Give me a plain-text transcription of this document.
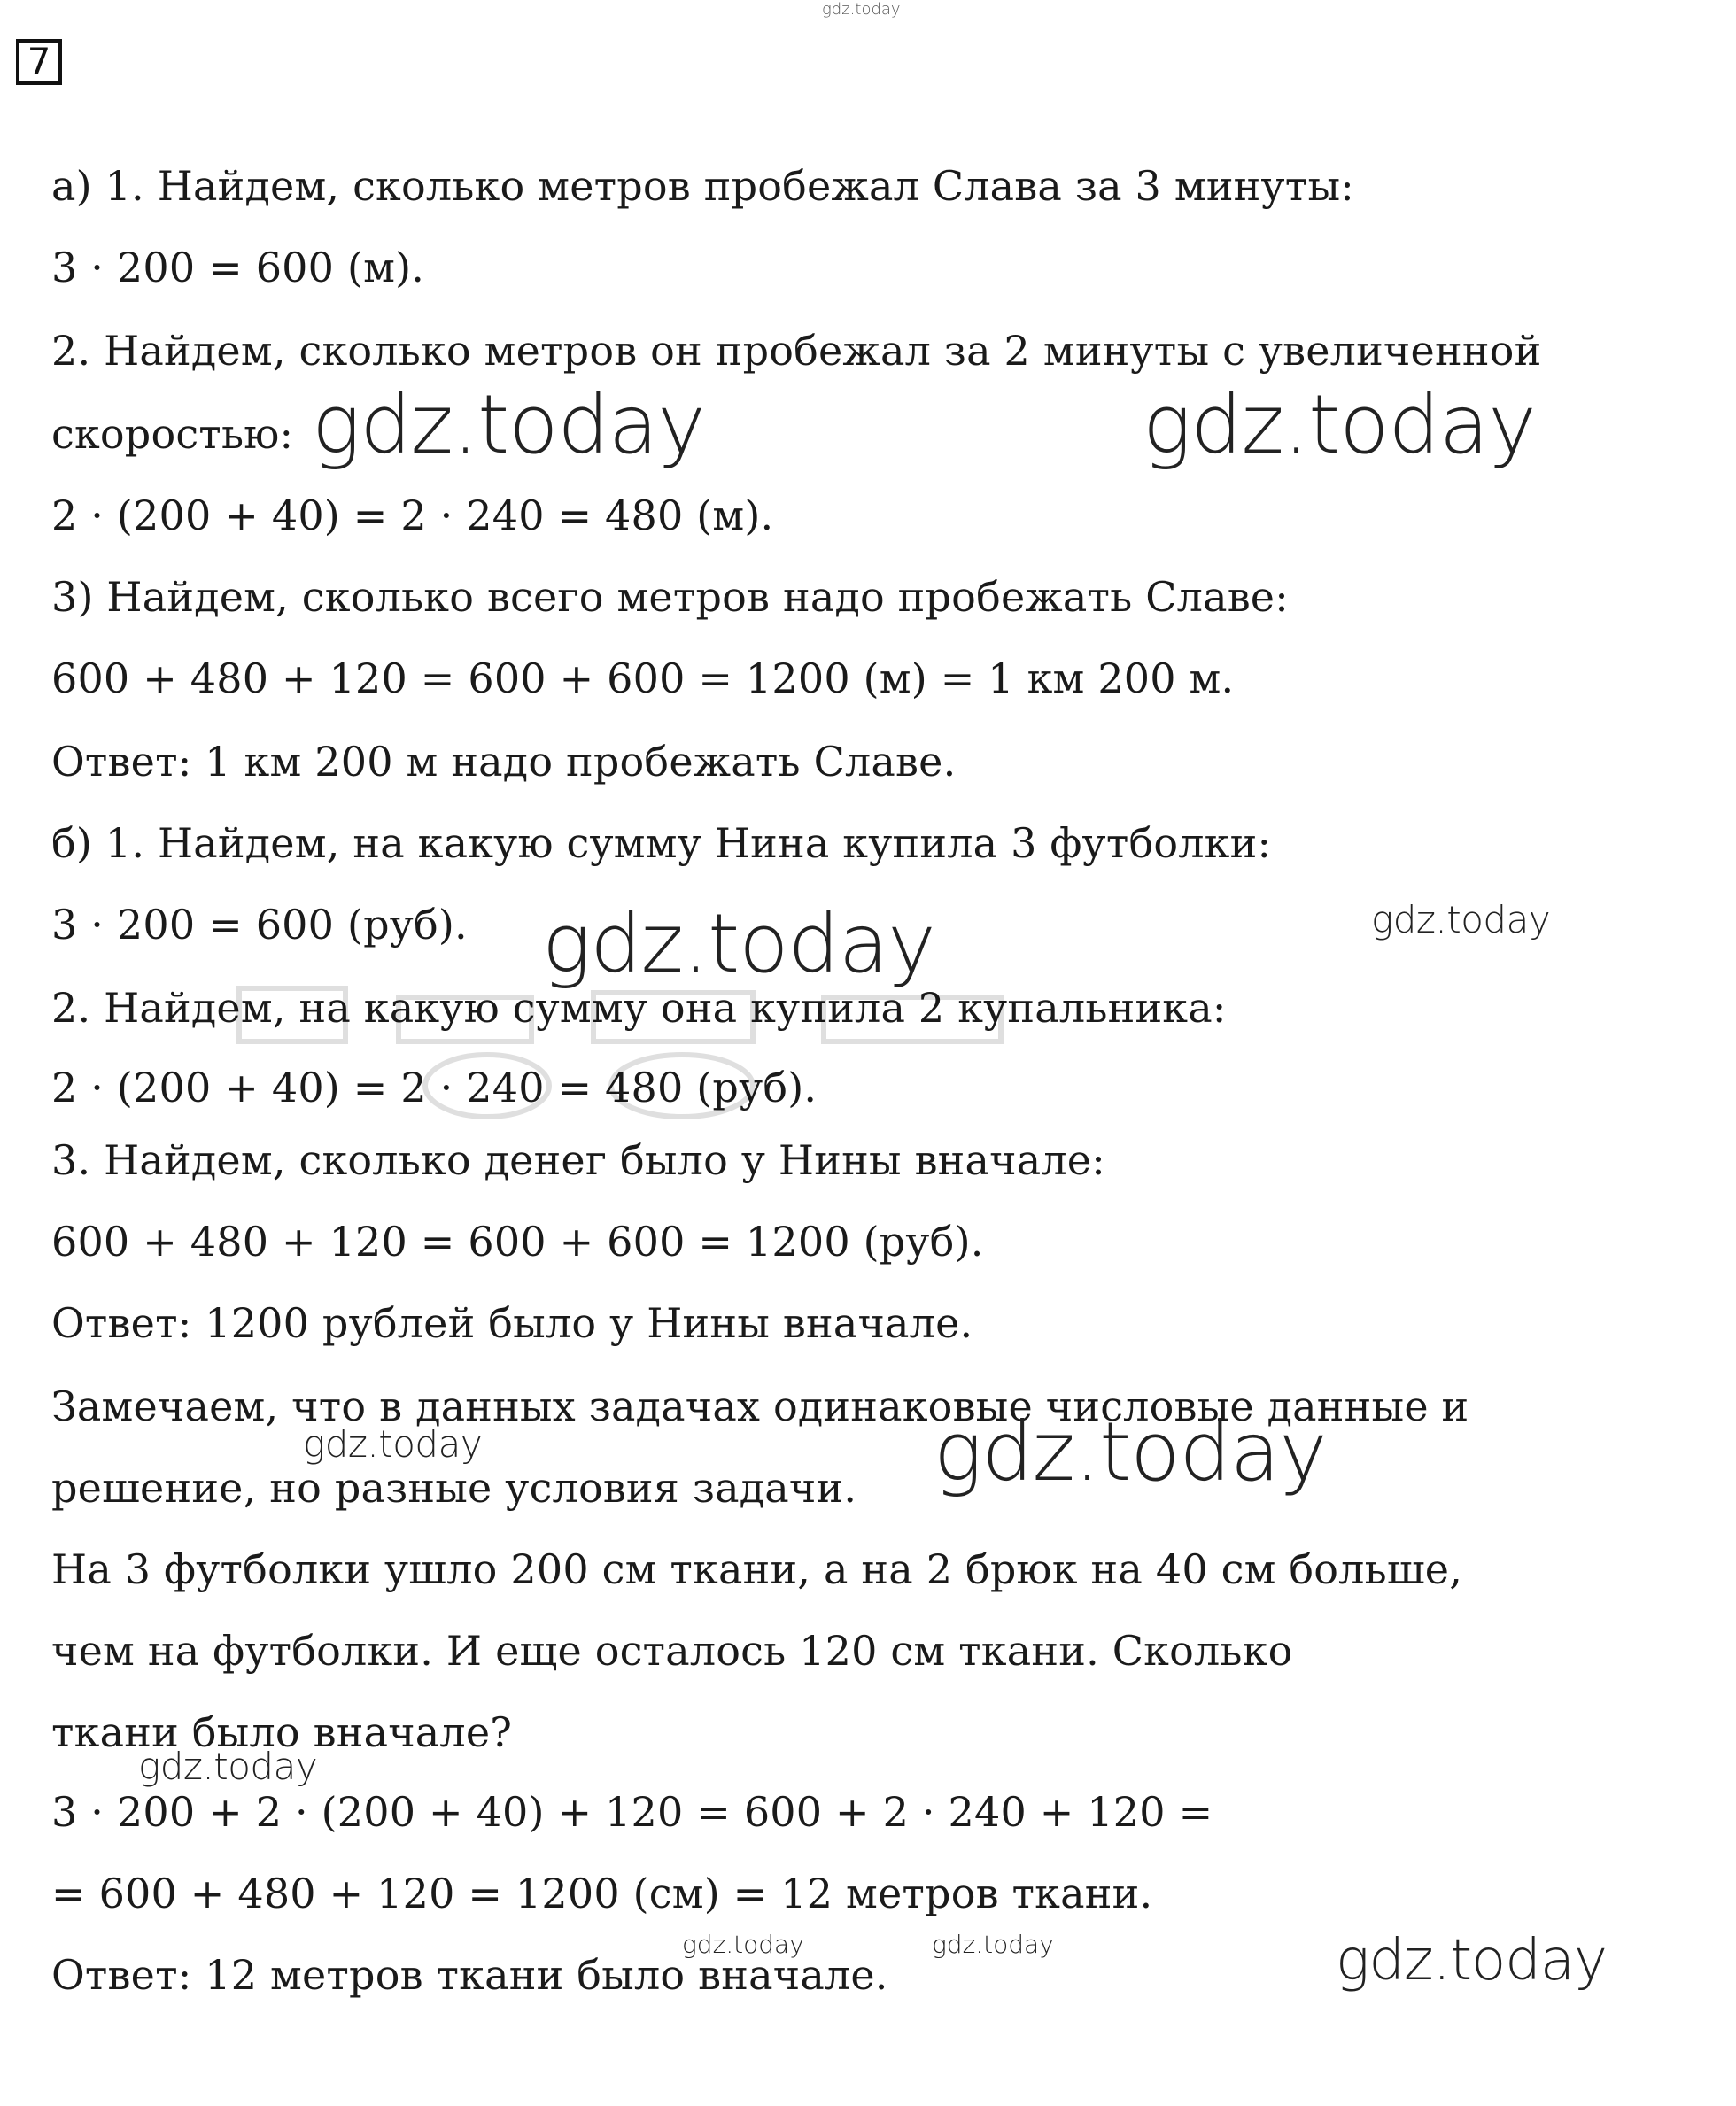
7
gdz.today
а) 1. Найдем, сколько метров пробежал Слава за 3 минуты:
3 · 200 = 600 (м).
2. Найдем, сколько метров он пробежал за 2 минуты с увеличенной
скоростью:
2 · (200 + 40) = 2 · 240 = 480 (м).
3) Найдем, сколько всего метров надо пробежать Славе:
600 + 480 + 120 = 600 + 600 = 1200 (м) = 1 км 200 м.
Ответ: 1 км 200 м надо пробежать Славе.
б) 1. Найдем, на какую сумму Нина купила 3 футболки:
3 · 200 = 600 (руб).
2. Найдем, на какую сумму она купила 2 купальника:
2 · (200 + 40) = 2 · 240 = 480 (руб).
3. Найдем, сколько денег было у Нины вначале:
600 + 480 + 120 = 600 + 600 = 1200 (руб).
Ответ: 1200 рублей было у Нины вначале.
Замечаем, что в данных задачах одинаковые числовые данные и
решение, но разные условия задачи.
На 3 футболки ушло 200 см ткани, а на 2 брюк на 40 см больше,
чем на футболки. И еще осталось 120 см ткани. Сколько
ткани было вначале?
3 · 200 + 2 · (200 + 40) + 120 = 600 + 2 · 240 + 120 =
= 600 + 480 + 120 = 1200 (см) = 12 метров ткани.
Ответ: 12 метров ткани было вначале.
gdz.today	gdz.today
gdz.today	gdz.today
gdz.today	gdz.today
gdz.today
gdz.today	gdz.today	gdz.today
